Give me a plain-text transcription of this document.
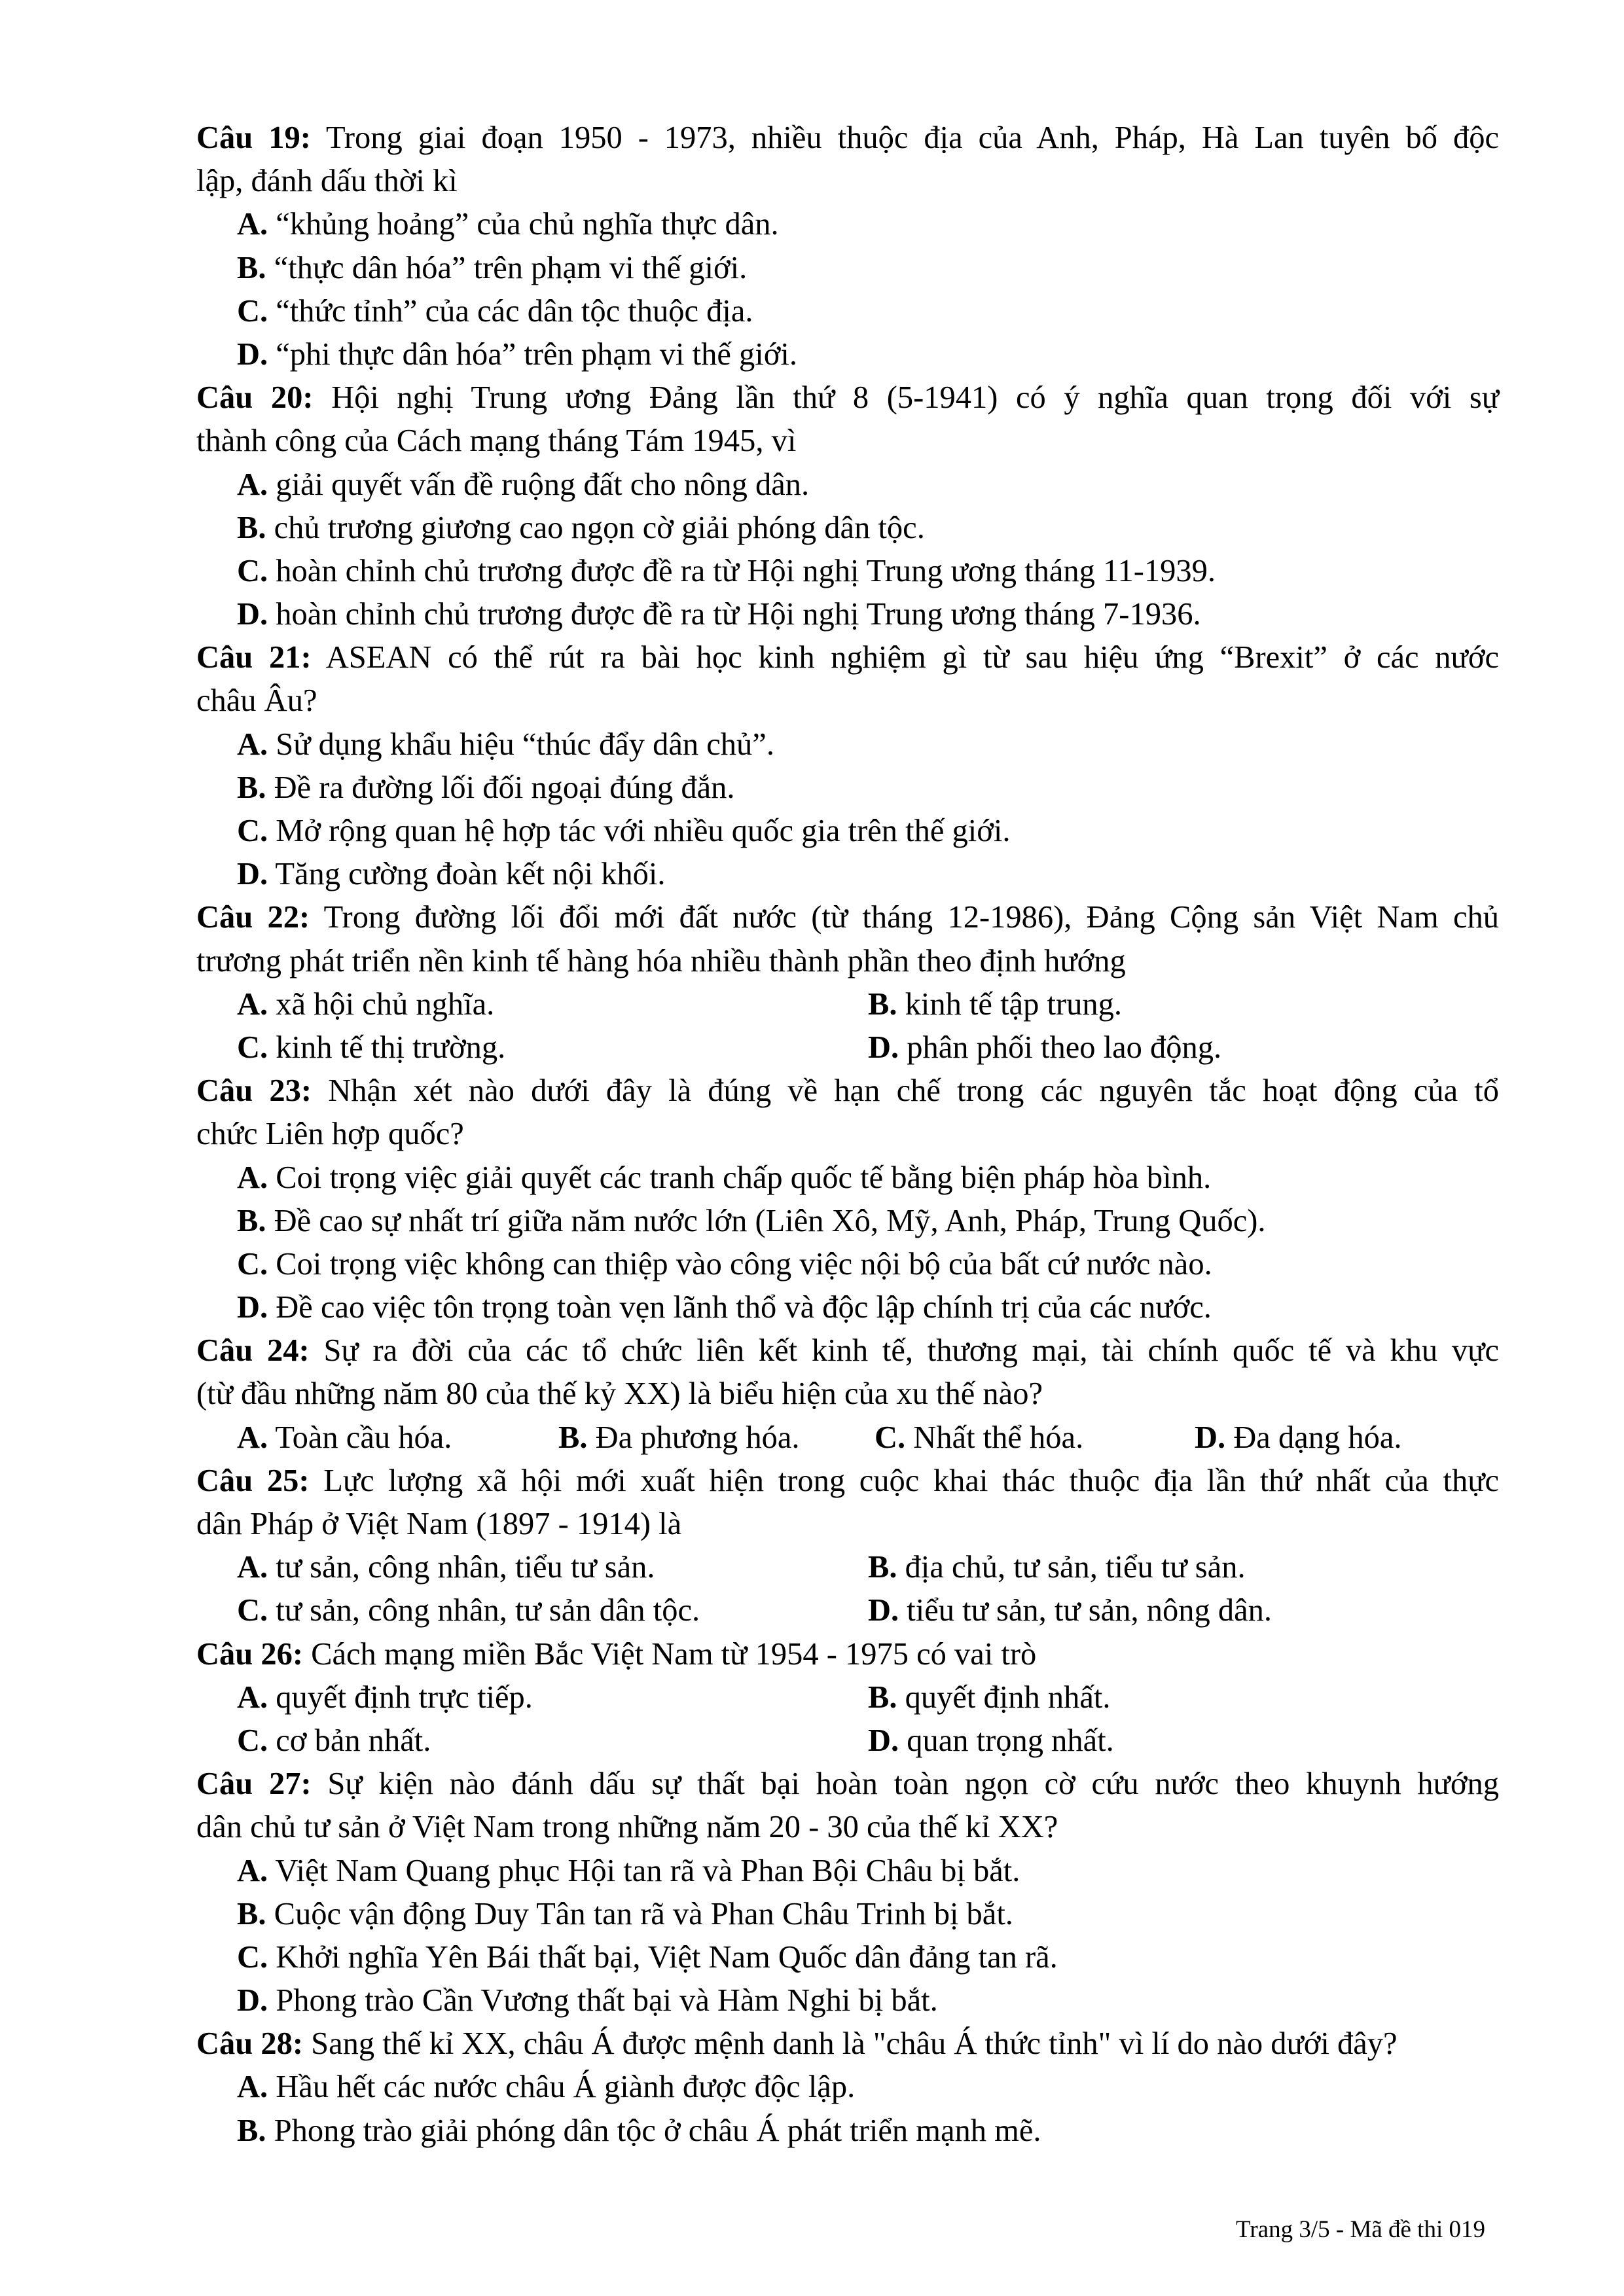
Câu 19: Trong giai đoạn 1950 - 1973, nhiều thuộc địa của Anh, Pháp, Hà Lan tuyên bố độc
lập, đánh dấu thời kì
A. “khủng hoảng” của chủ nghĩa thực dân.
B. “thực dân hóa” trên phạm vi thế giới.
C. “thức tỉnh” của các dân tộc thuộc địa.
D. “phi thực dân hóa” trên phạm vi thế giới.
Câu 20: Hội nghị Trung ương Đảng lần thứ 8 (5-1941) có ý nghĩa quan trọng đối với sự
thành công của Cách mạng tháng Tám 1945, vì
A. giải quyết vấn đề ruộng đất cho nông dân.
B. chủ trương giương cao ngọn cờ giải phóng dân tộc.
C. hoàn chỉnh chủ trương được đề ra từ Hội nghị Trung ương tháng 11-1939.
D. hoàn chỉnh chủ trương được đề ra từ Hội nghị Trung ương tháng 7-1936.
Câu 21: ASEAN có thể rút ra bài học kinh nghiệm gì từ sau hiệu ứng “Brexit” ở các nước
châu Âu?
A. Sử dụng khẩu hiệu “thúc đẩy dân chủ”.
B. Đề ra đường lối đối ngoại đúng đắn.
C. Mở rộng quan hệ hợp tác với nhiều quốc gia trên thế giới.
D. Tăng cường đoàn kết nội khối.
Câu 22: Trong đường lối đổi mới đất nước (từ tháng 12-1986), Đảng Cộng sản Việt Nam chủ
trương phát triển nền kinh tế hàng hóa nhiều thành phần theo định hướng
A. xã hội chủ nghĩa.	B. kinh tế tập trung.
C. kinh tế thị trường.	D. phân phối theo lao động.
Câu 23: Nhận xét nào dưới đây là đúng về hạn chế trong các nguyên tắc hoạt động của tổ
chức Liên hợp quốc?
A. Coi trọng việc giải quyết các tranh chấp quốc tế bằng biện pháp hòa bình.
B. Đề cao sự nhất trí giữa năm nước lớn (Liên Xô, Mỹ, Anh, Pháp, Trung Quốc).
C. Coi trọng việc không can thiệp vào công việc nội bộ của bất cứ nước nào.
D. Đề cao việc tôn trọng toàn vẹn lãnh thổ và độc lập chính trị của các nước.
Câu 24: Sự ra đời của các tổ chức liên kết kinh tế, thương mại, tài chính quốc tế và khu vực
(từ đầu những năm 80 của thế kỷ XX) là biểu hiện của xu thế nào?
A. Toàn cầu hóa.	B. Đa phương hóa.	C. Nhất thể hóa.	D. Đa dạng hóa.
Câu 25: Lực lượng xã hội mới xuất hiện trong cuộc khai thác thuộc địa lần thứ nhất của thực
dân Pháp ở Việt Nam (1897 - 1914) là
A. tư sản, công nhân, tiểu tư sản.	B. địa chủ, tư sản, tiểu tư sản.
C. tư sản, công nhân, tư sản dân tộc.	D. tiểu tư sản, tư sản, nông dân.
Câu 26: Cách mạng miền Bắc Việt Nam từ 1954 - 1975 có vai trò
A. quyết định trực tiếp.	B. quyết định nhất.
C. cơ bản nhất.	D. quan trọng nhất.
Câu 27: Sự kiện nào đánh dấu sự thất bại hoàn toàn ngọn cờ cứu nước theo khuynh hướng
dân chủ tư sản ở Việt Nam trong những năm 20 - 30 của thế kỉ XX?
A. Việt Nam Quang phục Hội tan rã và Phan Bội Châu bị bắt.
B. Cuộc vận động Duy Tân tan rã và Phan Châu Trinh bị bắt.
C. Khởi nghĩa Yên Bái thất bại, Việt Nam Quốc dân đảng tan rã.
D. Phong trào Cần Vương thất bại và Hàm Nghi bị bắt.
Câu 28: Sang thế kỉ XX, châu Á được mệnh danh là "châu Á thức tỉnh" vì lí do nào dưới đây?
A. Hầu hết các nước châu Á giành được độc lập.
B. Phong trào giải phóng dân tộc ở châu Á phát triển mạnh mẽ.
Trang 3/5 - Mã đề thi 019
